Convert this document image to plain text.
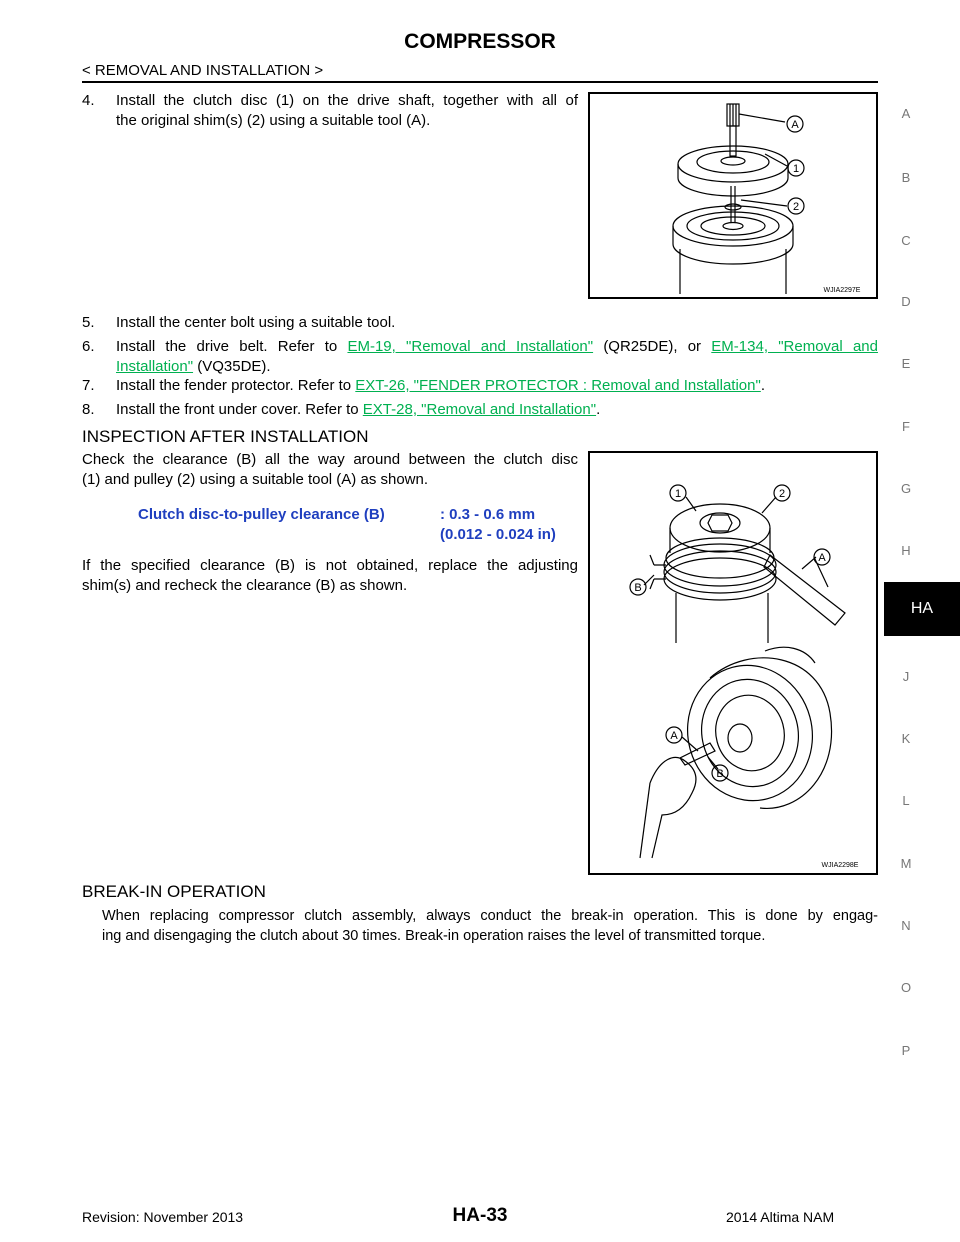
COMPRESSOR
< REMOVAL AND INSTALLATION >
A
B
C
D
E
F
G
H
HA
J
K
L
M
N
O
P
4. Install the clutch disc (1) on the drive shaft, together with all of
the original shim(s) (2) using a suitable tool (A).	A
1
2
WJIA2297E
5. Install the center bolt using a suitable tool.
6. Install the drive belt. Refer to EM-19, "Removal and Installation" (QR25DE), or EM-134, "Removal and
Installation" (VQ35DE).
7. Install the fender protector. Refer to EXT-26, "FENDER PROTECTOR : Removal and Installation".
8. Install the front under cover. Refer to EXT-28, "Removal and Installation".
INSPECTION AFTER INSTALLATION
Check the clearance (B) all the way around between the clutch disc
(1) and pulley (2) using a suitable tool (A) as shown.
Clutch disc-to-pulley clearance (B)	: 0.3 - 0.6 mm
(0.012 - 0.024 in)
If the specified clearance (B) is not obtained, replace the adjusting
shim(s) and recheck the clearance (B) as shown.
1	2
A
B
A
B
WJIA2298E
BREAK-IN OPERATION
When replacing compressor clutch assembly, always conduct the break-in operation. This is done by engag-
ing and disengaging the clutch about 30 times. Break-in operation raises the level of transmitted torque.
Revision: November 2013	HA-33	2014 Altima NAM
